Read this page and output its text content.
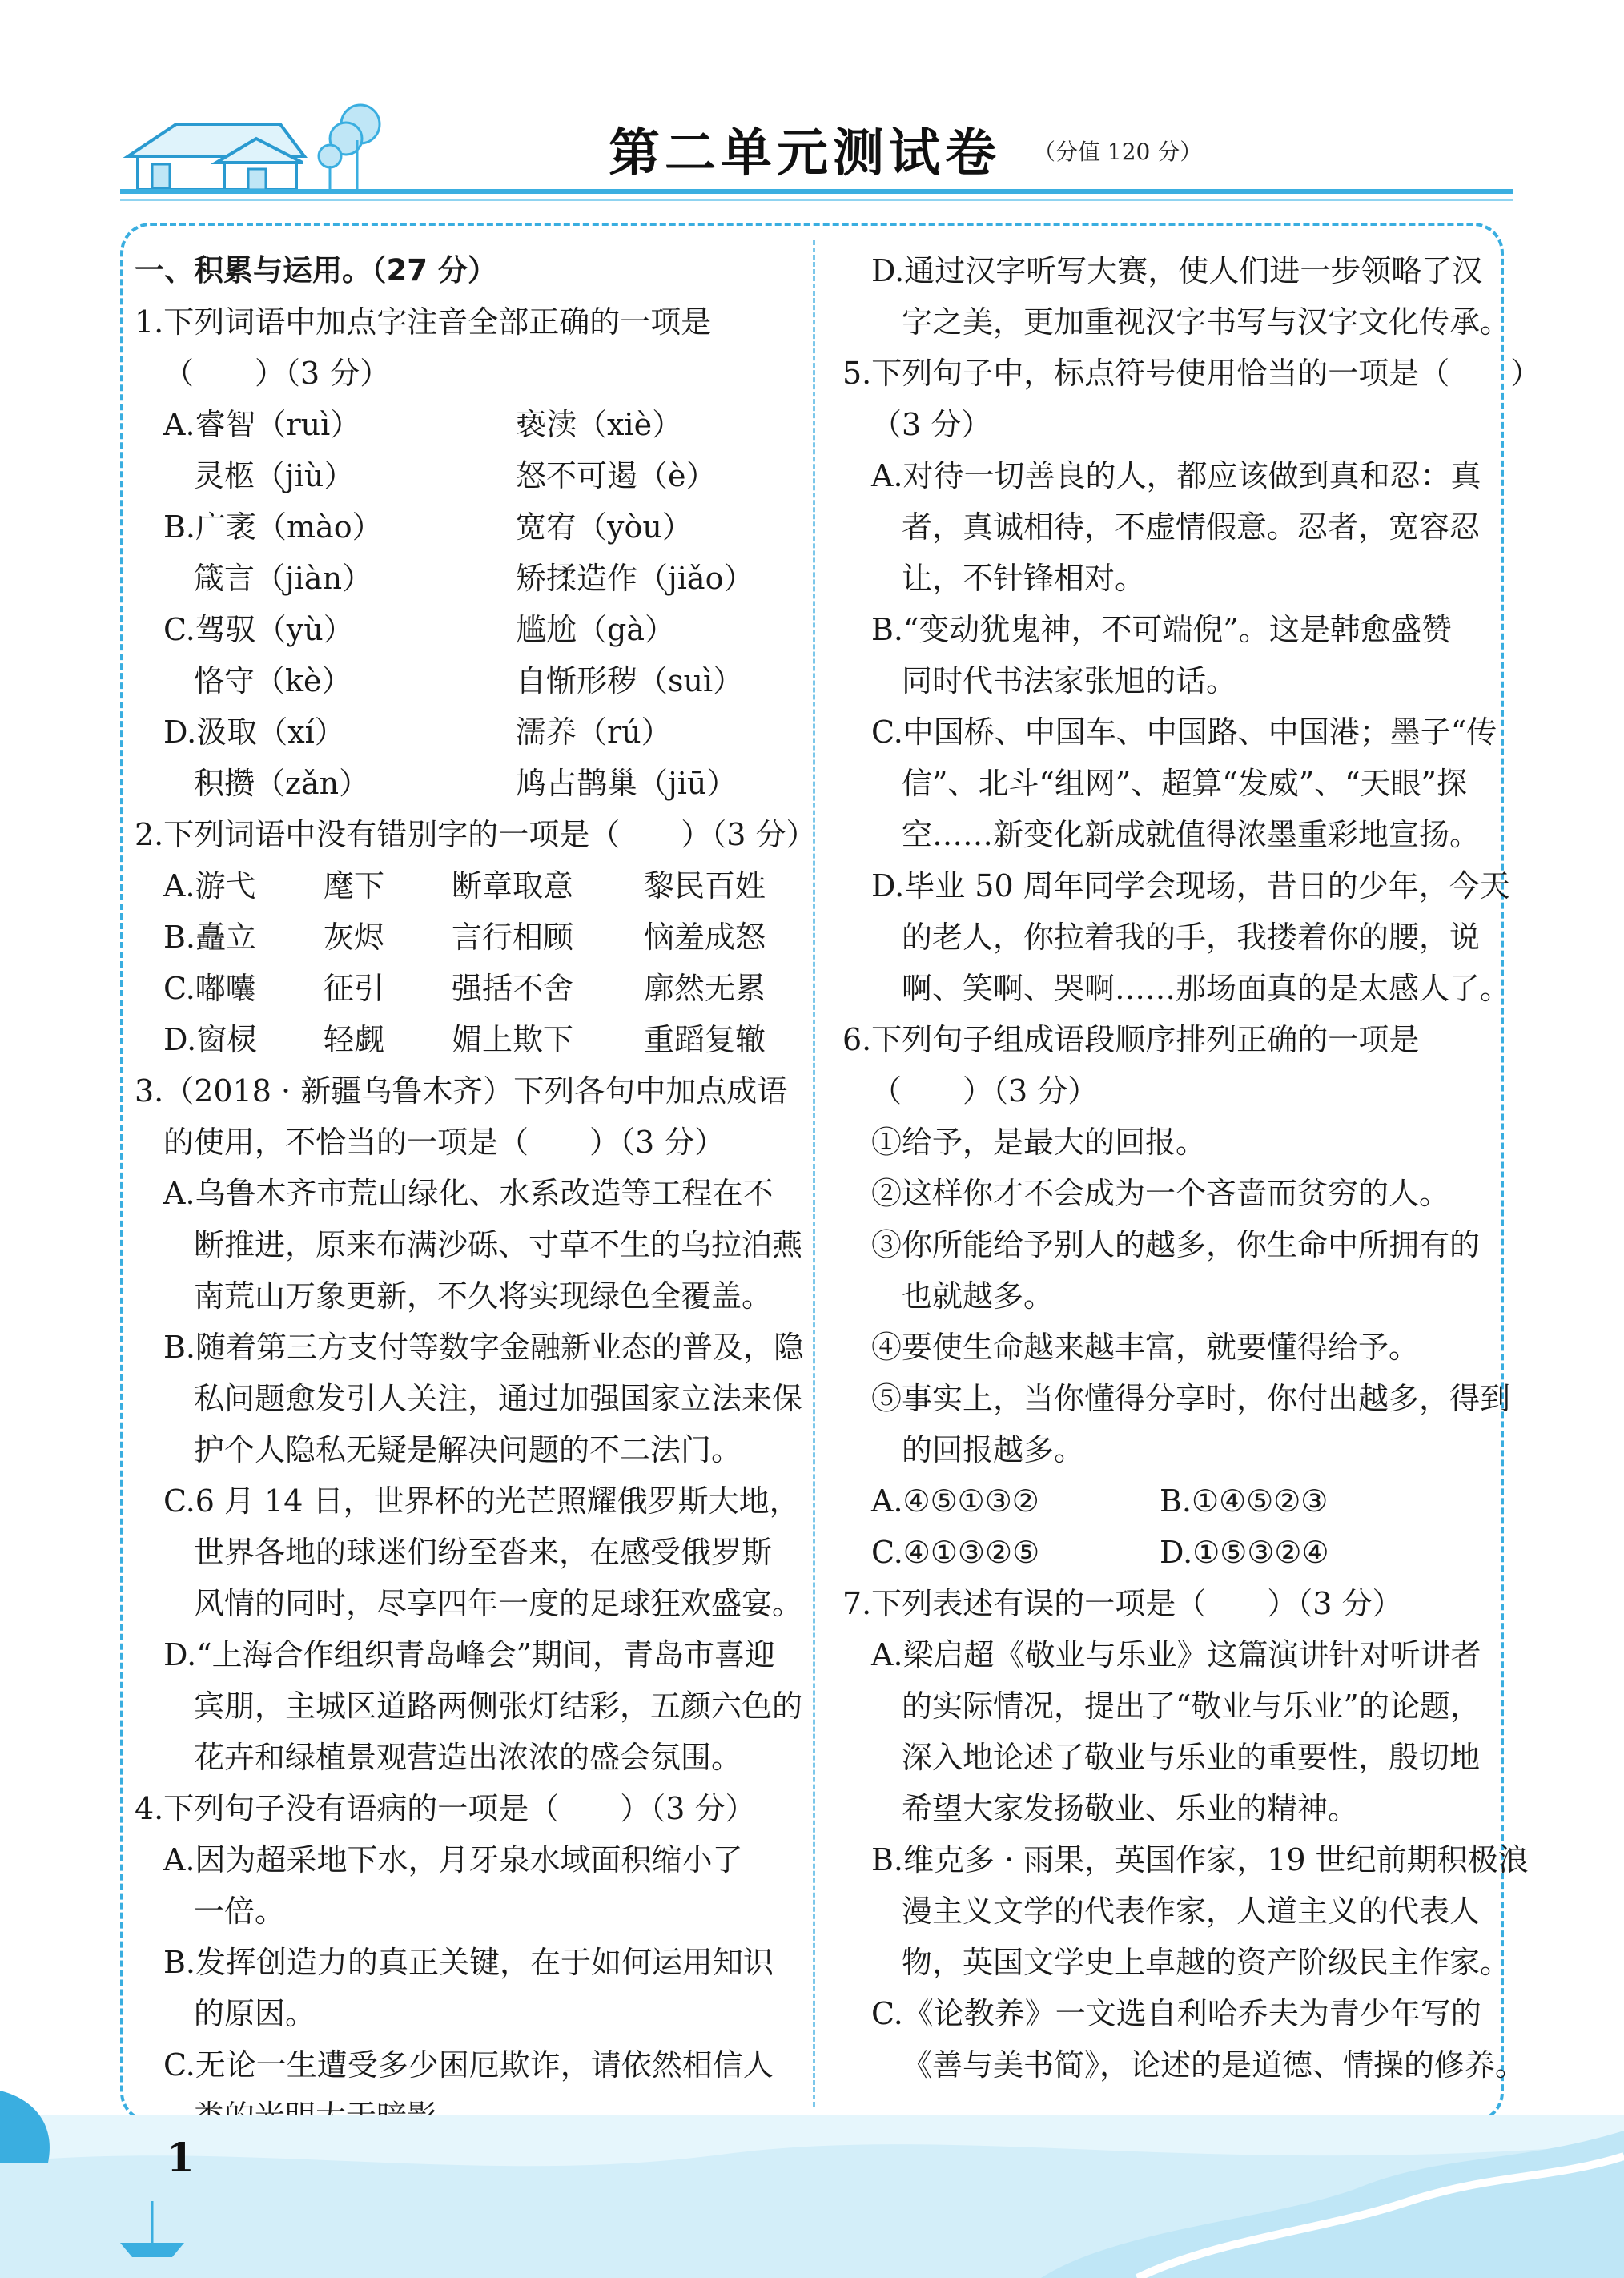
第二单元测试卷 （分值 120 分）
一、积累与运用。（27 分）
1.下列词语中加点字注音全部正确的一项是
（　　）（3 分）
A.睿智（ruì）	亵渎（xiè）
灵柩（jiù）	怒不可遏（è）
B.广袤（mào）	宽宥（yòu）
箴言（jiàn）	矫揉造作（jiǎo）
C.驾驭（yù）	尴尬（gà）
恪守（kè）	自惭形秽（suì）
D.汲取（xí）	濡养（rú）
积攒（zǎn）	鸠占鹊巢（jiū）
2.下列词语中没有错别字的一项是（　　）（3 分）
A.游弋	麾下	断章取意	黎民百姓
B.矗立	灰烬	言行相顾	恼羞成怒
C.嘟囔	征引	强括不舍	廓然无累
D.窗棂	轻觑	媚上欺下	重蹈复辙
3.（2018 · 新疆乌鲁木齐）下列各句中加点成语
的使用，不恰当的一项是（　　）（3 分）
A.乌鲁木齐市荒山绿化、水系改造等工程在不
断推进，原来布满沙砾、寸草不生的乌拉泊燕
南荒山万象更新，不久将实现绿色全覆盖。
B.随着第三方支付等数字金融新业态的普及，隐
私问题愈发引人关注，通过加强国家立法来保
护个人隐私无疑是解决问题的不二法门。
C.6 月 14 日，世界杯的光芒照耀俄罗斯大地，
世界各地的球迷们纷至沓来，在感受俄罗斯
风情的同时，尽享四年一度的足球狂欢盛宴。
D.“上海合作组织青岛峰会”期间，青岛市喜迎
宾朋，主城区道路两侧张灯结彩，五颜六色的
花卉和绿植景观营造出浓浓的盛会氛围。
4.下列句子没有语病的一项是（　　）（3 分）
A.因为超采地下水，月牙泉水域面积缩小了
一倍。
B.发挥创造力的真正关键，在于如何运用知识
的原因。
C.无论一生遭受多少困厄欺诈，请依然相信人
D.通过汉字听写大赛，使人们进一步领略了汉
字之美，更加重视汉字书写与汉字文化传承。
5.下列句子中，标点符号使用恰当的一项是（　　）
（3 分）
A.对待一切善良的人，都应该做到真和忍：真
者，真诚相待，不虚情假意。忍者，宽容忍
让，不针锋相对。
B.“变动犹鬼神，不可端倪”。这是韩愈盛赞
同时代书法家张旭的话。
C.中国桥、中国车、中国路、中国港；墨子“传
信”、北斗“组网”、超算“发威”、“天眼”探
空……新变化新成就值得浓墨重彩地宣扬。
D.毕业 50 周年同学会现场，昔日的少年，今天
的老人，你拉着我的手，我搂着你的腰，说
啊、笑啊、哭啊……那场面真的是太感人了。
6.下列句子组成语段顺序排列正确的一项是
（　　）（3 分）
①给予，是最大的回报。
②这样你才不会成为一个吝啬而贫穷的人。
③你所能给予别人的越多，你生命中所拥有的
也就越多。
④要使生命越来越丰富，就要懂得给予。
⑤事实上，当你懂得分享时，你付出越多，得到
的回报越多。
A.④⑤①③②	B.①④⑤②③
C.④①③②⑤	D.①⑤③②④
7.下列表述有误的一项是（　　）（3 分）
A.梁启超《敬业与乐业》这篇演讲针对听讲者
的实际情况，提出了“敬业与乐业”的论题，
深入地论述了敬业与乐业的重要性，殷切地
希望大家发扬敬业、乐业的精神。
B.维克多 · 雨果，英国作家，19 世纪前期积极浪
漫主义文学的代表作家，人道主义的代表人
物，英国文学史上卓越的资产阶级民主作家。
C.《论教养》一文选自利哈乔夫为青少年写的
《善与美书简》，论述的是道德、情操的修养。
1
